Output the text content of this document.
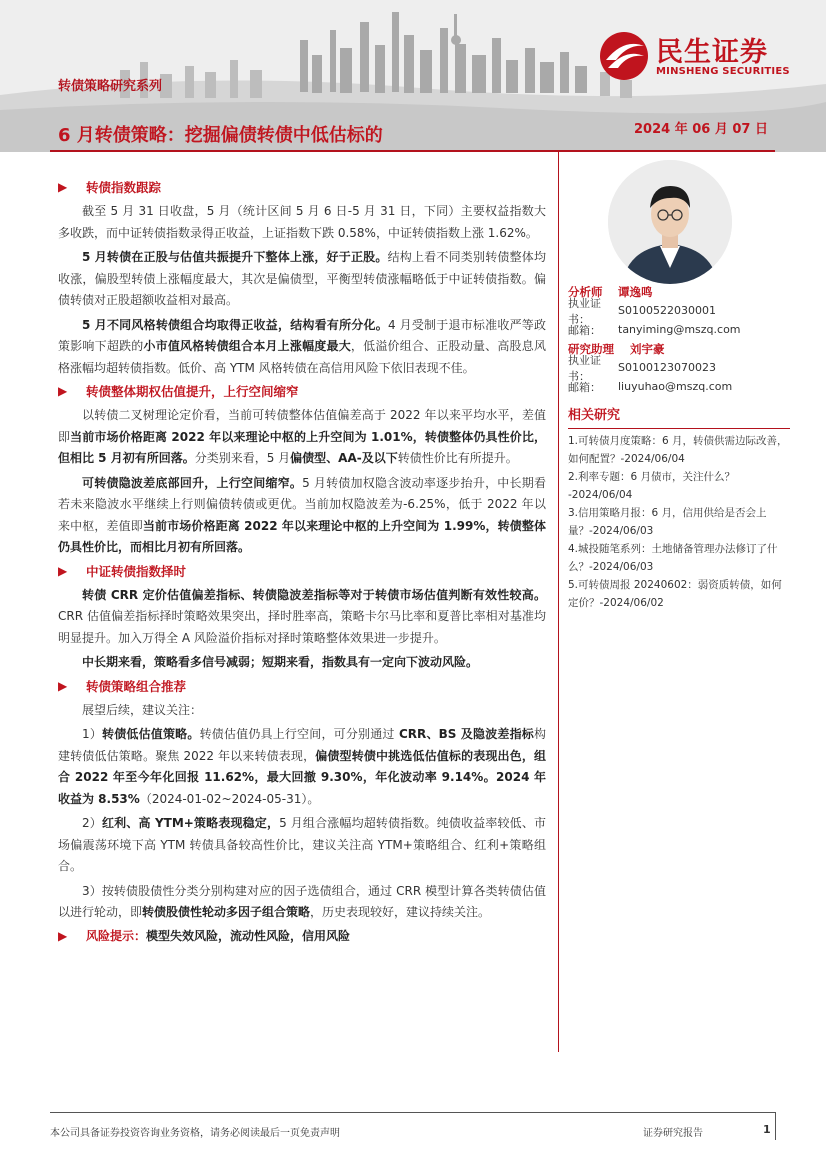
转债策略研究系列
民生证券
MINSHENG SECURITIES
6 月转债策略：挖掘偏债转债中低估标的	2024 年 06 月 07 日
▶	转债指数跟踪

截至 5 月 31 日收盘，5 月（统计区间 5 月 6 日-5 月 31 日，下同）主要权益指数大多收跌，而中证转债指数录得正收益，上证指数下跌 0.58%，中证转债指数上涨 1.62%。

5 月转债在正股与估值共振提升下整体上涨，好于正股。结构上看不同类别转债整体均收涨，偏股型转债上涨幅度最大，其次是偏债型，平衡型转债涨幅略低于中证转债指数。偏债转债对正股超额收益相对最高。

5 月不同风格转债组合均取得正收益，结构看有所分化。4 月受制于退市标准收严等政策影响下超跌的小市值风格转债组合本月上涨幅度最大，低溢价组合、正股动量、高股息风格涨幅均超转债指数。低价、高 YTM 风格转债在高信用风险下依旧表现不佳。

▶	转债整体期权估值提升，上行空间缩窄

以转债二叉树理论定价看，当前可转债整体估值偏差高于 2022 年以来平均水平，差值即当前市场价格距离 2022 年以来理论中枢的上升空间为 1.01%，转债整体仍具性价比，但相比 5 月初有所回落。分类别来看，5 月偏债型、AA-及以下转债性价比有所提升。

可转债隐波差底部回升，上行空间缩窄。5 月转债加权隐含波动率逐步抬升，中长期看若未来隐波水平继续上行则偏债转债或更优。当前加权隐波差为-6.25%，低于 2022 年以来中枢，差值即当前市场价格距离 2022 年以来理论中枢的上升空间为 1.99%，转债整体仍具性价比，而相比月初有所回落。

▶	中证转债指数择时

转债 CRR 定价估值偏差指标、转债隐波差指标等对于转债市场估值判断有效性较高。CRR 估值偏差指标择时策略效果突出，择时胜率高，策略卡尔马比率和夏普比率相对基准均明显提升。加入万得全 A 风险溢价指标对择时策略整体效果进一步提升。

中长期来看，策略看多信号减弱；短期来看，指数具有一定向下波动风险。

▶	转债策略组合推荐

展望后续，建议关注：

1）转债低估值策略。转债估值仍具上行空间，可分别通过 CRR、BS 及隐波差指标构建转债低估策略。聚焦 2022 年以来转债表现，偏债型转债中挑选低估值标的表现出色，组合 2022 年至今年化回报 11.62%，最大回撤 9.30%，年化波动率 9.14%。2024 年收益为 8.53%（2024-01-02~2024-05-31）。

2）红利、高 YTM+策略表现稳定，5 月组合涨幅均超转债指数。纯债收益率较低、市场偏震荡环境下高 YTM 转债具备较高性价比，建议关注高 YTM+策略组合、红利+策略组合。

3）按转债股债性分类分别构建对应的因子选债组合，通过 CRR 模型计算各类转债估值以进行轮动，即转债股债性轮动多因子组合策略，历史表现较好，建议持续关注。

▶	风险提示： 模型失效风险，流动性风险，信用风险
分析师	谭逸鸣
执业证书：
S0100522030001
邮箱：	tanyiming@mszq.com
研究助理	刘宇豪
执业证书：
S0100123070023
邮箱：	liuyuhao@mszq.com
相关研究
1.可转债月度策略：6 月，转债供需边际改善，如何配置？-2024/06/04
2.利率专题：6 月债市，关注什么？ -2024/06/04
3.信用策略月报：6 月，信用供给是否会上量？-2024/06/03
4.城投随笔系列：土地储备管理办法修订了什么？-2024/06/03
5.可转债周报 20240602：弱资质转债，如何定价？-2024/06/02
本公司具备证券投资咨询业务资格，请务必阅读最后一页免责声明	证券研究报告	1
